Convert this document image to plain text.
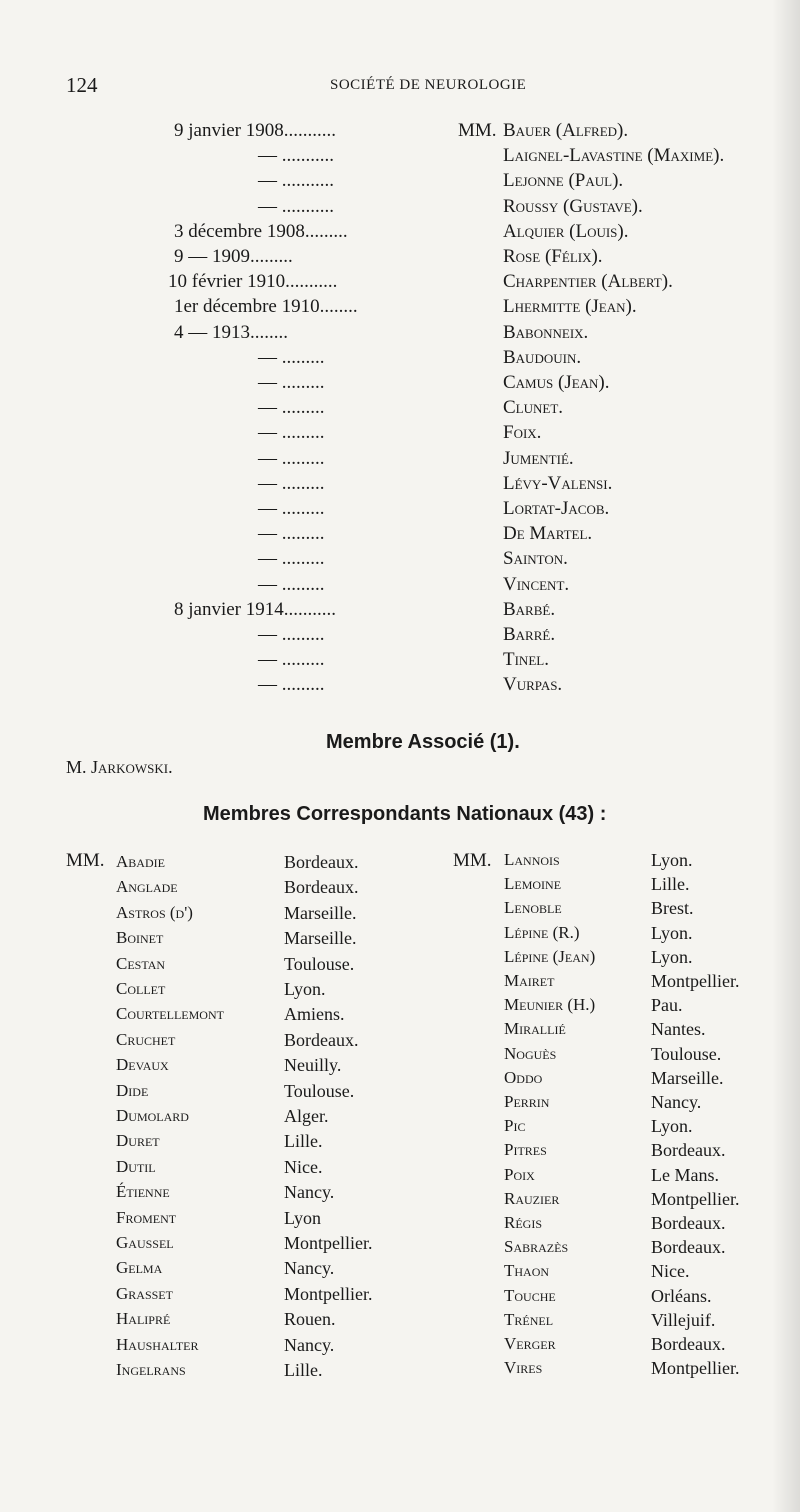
124	SOCIÉTÉ DE NEUROLOGIE
MM.
9 janvier 1908...........	Bauer (Alfred).
— ...........	Laignel-Lavastine (Maxime).
— ...........	Lejonne (Paul).
— ...........	Roussy (Gustave).
3 décembre 1908.........	Alquier (Louis).
9 — 1909.........	Rose (Félix).
10 février 1910...........	Charpentier (Albert).
1er décembre 1910........	Lhermitte (Jean).
4 — 1913........	Babonneix.
— .........	Baudouin.
— .........	Camus (Jean).
— .........	Clunet.
— .........	Foix.
— .........	Jumentié.
— .........	Lévy-Valensi.
— .........	Lortat-Jacob.
— .........	De Martel.
— .........	Sainton.
— .........	Vincent.
8 janvier 1914...........	Barbé.
— .........	Barré.
— .........	Tinel.
— .........	Vurpas.
Membre Associé (1).
M. Jarkowski.
Membres Correspondants Nationaux (43) :
MM.	MM.
Abadie	Bordeaux.
Anglade	Bordeaux.
Astros (d')	Marseille.
Boinet	Marseille.
Cestan	Toulouse.
Collet	Lyon.
Courtellemont	Amiens.
Cruchet	Bordeaux.
Devaux	Neuilly.
Dide	Toulouse.
Dumolard	Alger.
Duret	Lille.
Dutil	Nice.
Étienne	Nancy.
Froment	Lyon
Gaussel	Montpellier.
Gelma	Nancy.
Grasset	Montpellier.
Halipré	Rouen.
Haushalter	Nancy.
Ingelrans	Lille.
Lannois	Lyon.
Lemoine	Lille.
Lenoble	Brest.
Lépine (R.)	Lyon.
Lépine (Jean)	Lyon.
Mairet	Montpellier.
Meunier (H.)	Pau.
Mirallié	Nantes.
Noguès	Toulouse.
Oddo	Marseille.
Perrin	Nancy.
Pic	Lyon.
Pitres	Bordeaux.
Poix	Le Mans.
Rauzier	Montpellier.
Régis	Bordeaux.
Sabrazès	Bordeaux.
Thaon	Nice.
Touche	Orléans.
Trénel	Villejuif.
Verger	Bordeaux.
Vires	Montpellier.
